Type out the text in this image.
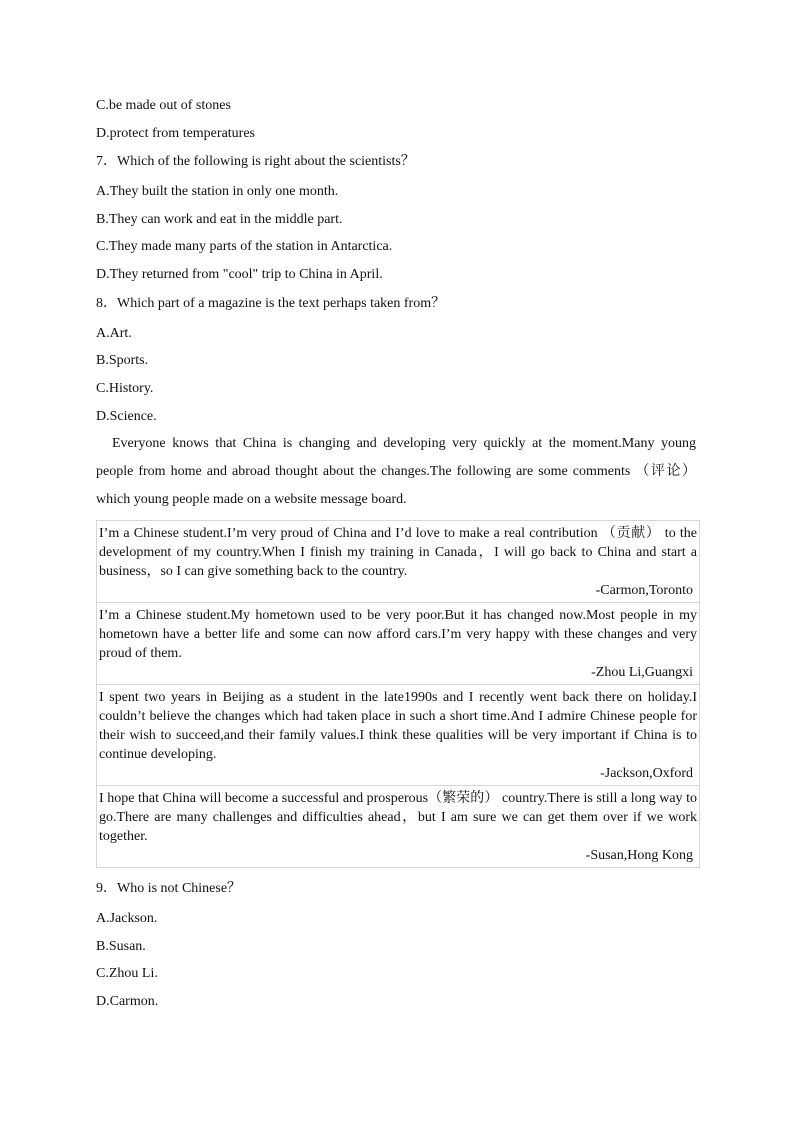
C.be made out of stones
D.protect from temperatures
7．Which of the following is right about the scientists？
A.They built the station in only one month.
B.They can work and eat in the middle part.
C.They made many parts of the station in Antarctica.
D.They returned from "cool" trip to China in April.
8．Which part of a magazine is the text perhaps taken from？
A.Art.
B.Sports.
C.History.
D.Science.
Everyone knows that China is changing and developing very quickly at the moment.Many young people from home and abroad thought about the changes.The following are some comments （评论） which young people made on a website message board.
I’m a Chinese student.I’m very proud of China and I’d love to make a real contribution （贡献） to the development of my country.When I finish my training in Canada，I will go back to China and start a business，so I can give something back to the country.
-Carmon,Toronto
I’m a Chinese student.My hometown used to be very poor.But it has changed now.Most people in my hometown have a better life and some can now afford cars.I’m very happy with these changes and very proud of them.
-Zhou Li,Guangxi
I spent two years in Beijing as a student in the late1990s and I recently went back there on holiday.I couldn’t believe the changes which had taken place in such a short time.And I admire Chinese people for their wish to succeed,and their family values.I think these qualities will be very important if China is to continue developing.
-Jackson,Oxford
I hope that China will become a successful and prosperous（繁荣的） country.There is still a long way to go.There are many challenges and difficulties ahead，but I am sure we can get them over if we work together.
-Susan,Hong Kong
9．Who is not Chinese？
A.Jackson.
B.Susan.
C.Zhou Li.
D.Carmon.
